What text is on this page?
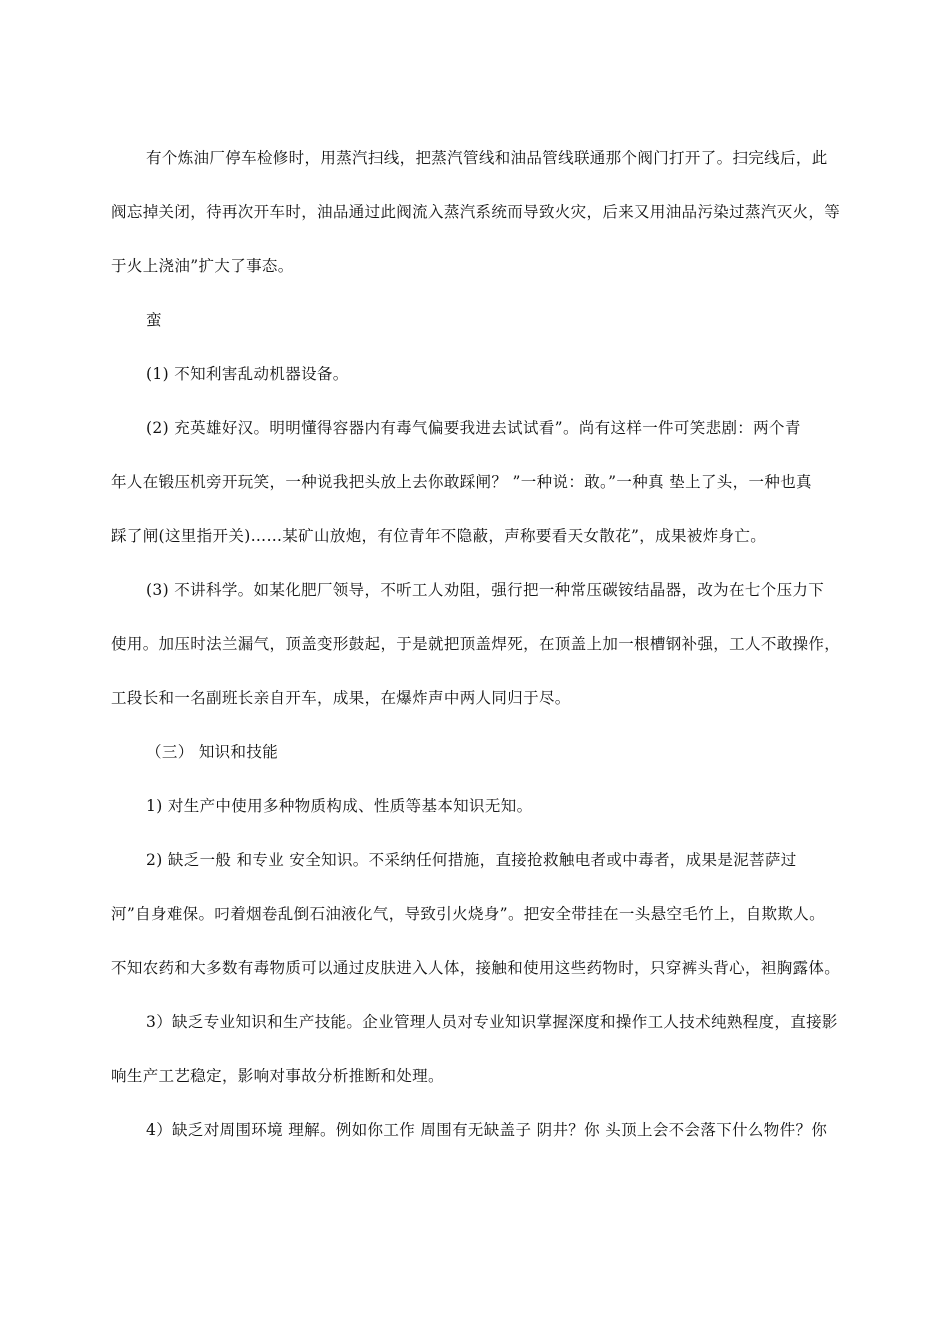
有个炼油厂停车检修时，用蒸汽扫线，把蒸汽管线和油品管线联通那个阀门打开了。扫完线后，此
阀忘掉关闭，待再次开车时，油品通过此阀流入蒸汽系统而导致火灾，后来又用油品污染过蒸汽灭火，等
于火上浇油”扩大了事态。
蛮
(1) 不知利害乱动机器设备。
(2) 充英雄好汉。明明懂得容器内有毒气偏要我进去试试看”。尚有这样一件可笑悲剧：两个青
年人在锻压机旁开玩笑，一种说我把头放上去你敢踩闸？ ”一种说：敢。”一种真 垫上了头，一种也真
踩了闸(这里指开关)……某矿山放炮，有位青年不隐蔽，声称要看天女散花”，成果被炸身亡。
(3) 不讲科学。如某化肥厂领导，不听工人劝阻，强行把一种常压碳铵结晶器，改为在七个压力下
使用。加压时法兰漏气，顶盖变形鼓起，于是就把顶盖焊死，在顶盖上加一根槽钢补强，工人不敢操作，
工段长和一名副班长亲自开车，成果，在爆炸声中两人同归于尽。
（三） 知识和技能
1) 对生产中使用多种物质构成、性质等基本知识无知。
2) 缺乏一般 和专业 安全知识。不采纳任何措施，直接抢救触电者或中毒者，成果是泥菩萨过
河”自身难保。叼着烟卷乱倒石油液化气，导致引火烧身”。把安全带挂在一头悬空毛竹上，自欺欺人。
不知农药和大多数有毒物质可以通过皮肤进入人体，接触和使用这些药物时，只穿裤头背心，袒胸露体。
3）缺乏专业知识和生产技能。企业管理人员对专业知识掌握深度和操作工人技术纯熟程度，直接影
响生产工艺稳定，影响对事故分析推断和处理。
4）缺乏对周围环境 理解。例如你工作 周围有无缺盖子 阴井？你 头顶上会不会落下什么物件？你
